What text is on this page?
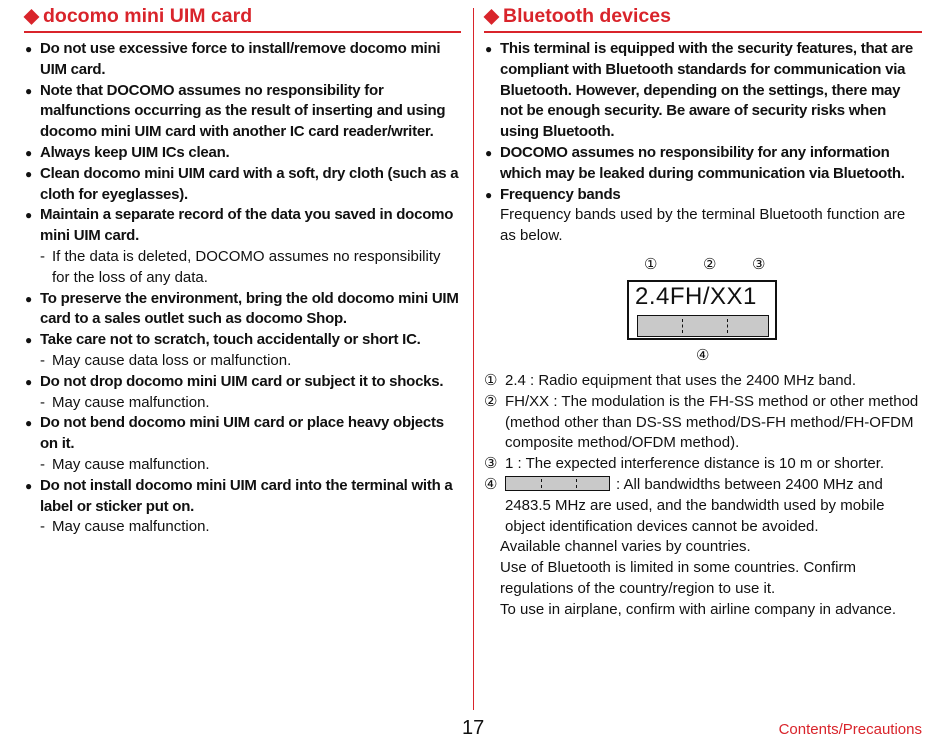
◆ docomo mini UIM card
● Do not use excessive force to install/remove docomo mini UIM card.
● Note that DOCOMO assumes no responsibility for malfunctions occurring as the result of inserting and using docomo mini UIM card with another IC card reader/writer.
● Always keep UIM ICs clean.
● Clean docomo mini UIM card with a soft, dry cloth (such as a cloth for eyeglasses).
● Maintain a separate record of the data you saved in docomo mini UIM card.
- If the data is deleted, DOCOMO assumes no responsibility for the loss of any data.
● To preserve the environment, bring the old docomo mini UIM card to a sales outlet such as docomo Shop.
● Take care not to scratch, touch accidentally or short IC.
- May cause data loss or malfunction.
● Do not drop docomo mini UIM card or subject it to shocks.
- May cause malfunction.
● Do not bend docomo mini UIM card or place heavy objects on it.
- May cause malfunction.
● Do not install docomo mini UIM card into the terminal with a label or sticker put on.
- May cause malfunction.
◆ Bluetooth devices
● This terminal is equipped with the security features, that are compliant with Bluetooth standards for communication via Bluetooth. However, depending on the settings, there may not be enough security. Be aware of security risks when using Bluetooth.
● DOCOMO assumes no responsibility for any information which may be leaked during communication via Bluetooth.
● Frequency bands
Frequency bands used by the terminal Bluetooth function are as below.
①	② ③
2.4FH/XX1
④
① 2.4 : Radio equipment that uses the 2400 MHz band.
② FH/XX : The modulation is the FH-SS method or other method (method other than DS-SS method/DS-FH method/FH-OFDM composite method/OFDM method).
③ 1 : The expected interference distance is 10 m or shorter.
④	: All bandwidths between 2400 MHz and 2483.5 MHz are used, and the bandwidth used by mobile object identification devices cannot be avoided.

Available channel varies by countries.

Use of Bluetooth is limited in some countries. Confirm regulations of the country/region to use it.

To use in airplane, confirm with airline company in advance.

17	Contents/Precautions
